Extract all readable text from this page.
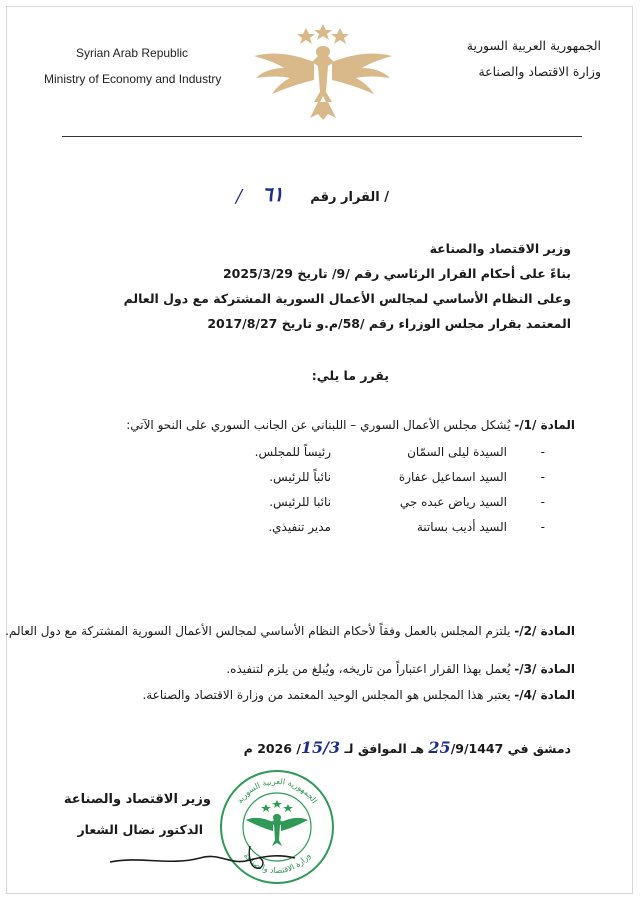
Syrian Arab Republic
Ministry of Economy and Industry
الجمهورية العربية السورية
وزارة الاقتصاد والصناعة
القرار رقم /
٦١
/
وزير الاقتصاد والصناعة
بناءً على أحكام القرار الرئاسي رقم /9/ تاريخ 2025/3/29
وعلى النظام الأساسي لمجالس الأعمال السورية المشتركة مع دول العالم
المعتمد بقرار مجلس الوزراء رقم /58/م.و تاريخ 2017/8/27
يقرر ما يلي:
المادة /1/- يُشكل مجلس الأعمال السوري – اللبناني عن الجانب السوري على النحو الآتي:
-
السيدة ليلى السمّان
رئيساً للمجلس.
-
السيد اسماعيل عفارة
نائباً للرئيس.
-
السيد رياض عبده جي
نائبا للرئيس.
-
السيد أديب بساتنة
مدير تنفيذي.
المادة /2/- يلتزم المجلس بالعمل وفقاً لأحكام النظام الأساسي لمجالس الأعمال السورية المشتركة مع دول العالم.
المادة /3/- يُعمل بهذا القرار اعتباراً من تاريخه، ويُبلغ من يلزم لتنفيذه.
المادة /4/- يعتبر هذا المجلس هو المجلس الوحيد المعتمد من وزارة الاقتصاد والصناعة.
دمشق في 25/9/1447 هـ الموافق لـ 15/3/ 2026 م
الجمهورية العربية السورية
وزارة الاقتصاد والصناعة
وزير الاقتصاد والصناعة
الدكتور نضال الشعار
